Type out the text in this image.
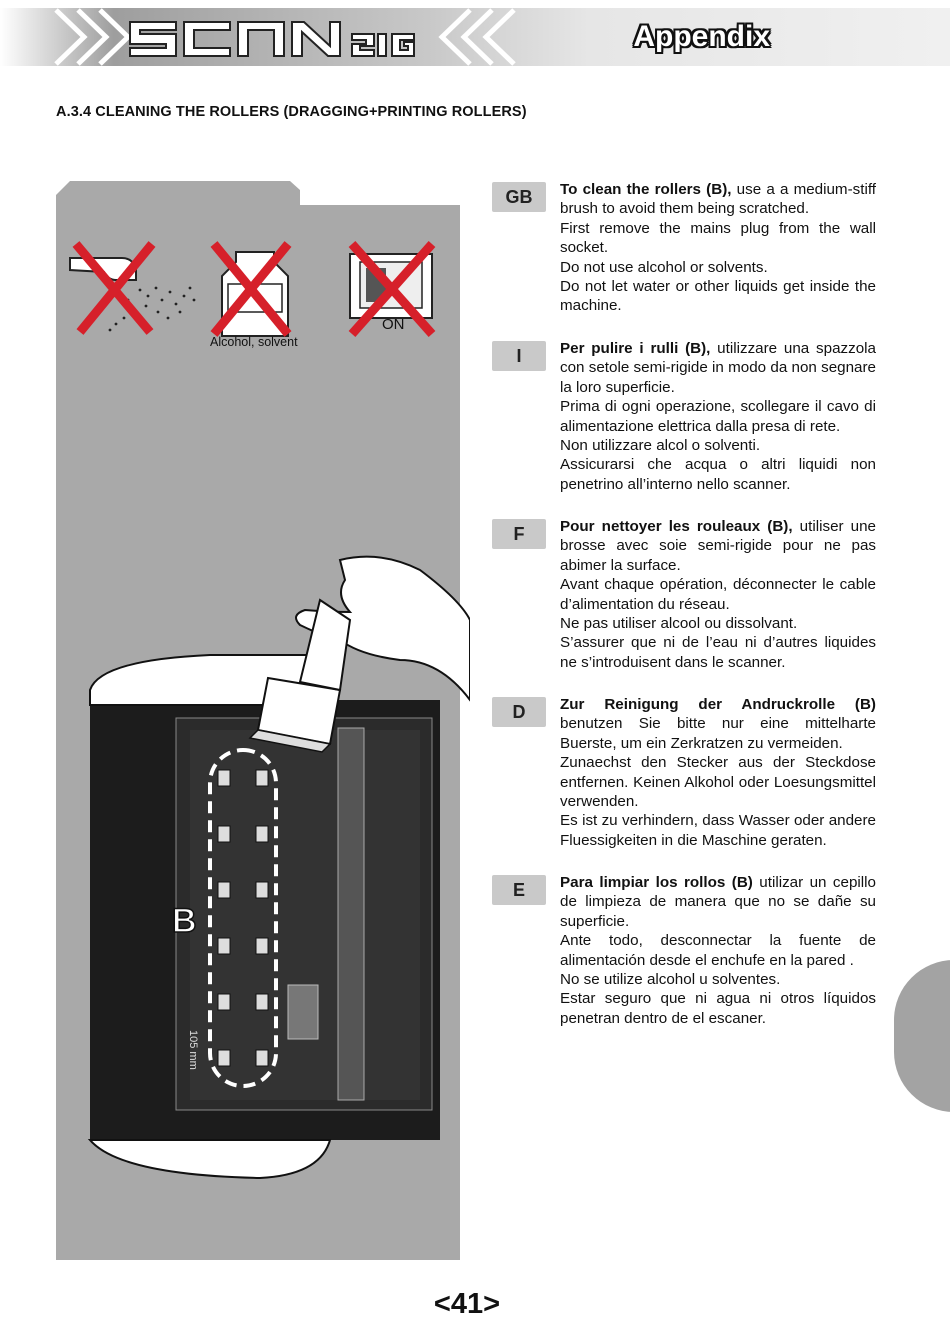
Appendix
A.3.4 CLEANING THE ROLLERS (DRAGGING+PRINTING ROLLERS)
B
105 mm
Alcohol, solvent
ON
GB	To clean the rollers (B), use a a medium-stiff brush to avoid them being scratched.

First remove the mains plug from the wall socket.

Do not use alcohol or solvents.

Do not let water or other liquids get inside the machine.

I	Per pulire i rulli (B), utilizzare una spazzola con setole semi-rigide in modo da non segnare la loro superficie.

Prima di ogni operazione, scollegare il cavo di alimentazione elettrica dalla presa di rete.

Non utilizzare alcol o solventi.

Assicurarsi che acqua o altri liquidi non penetrino all’interno nello scanner.

F	Pour nettoyer les rouleaux (B), utiliser une brosse avec soie semi-rigide pour ne pas abimer la surface.

Avant chaque opération, déconnecter le cable d’alimentation du réseau.

Ne pas utiliser alcool ou dissolvant.

S’assurer que ni de l’eau ni d’autres liquides ne s’introduisent dans le scanner.

D	Zur Reinigung der Andruckrolle (B) benutzen Sie bitte nur eine mittelharte Buerste, um ein Zerkratzen zu vermeiden.

Zunaechst den Stecker aus der Steckdose entfernen. Keinen Alkohol oder Loesungsmittel verwenden.

Es ist zu verhindern, dass Wasser oder andere Fluessigkeiten in die Maschine geraten.

E	Para limpiar los rollos (B) utilizar un cepillo de limpieza de manera que no se dañe su superficie.

Ante todo, desconnectar la fuente de alimentación desde el enchufe en la pared .

No se utilize alcohol u solventes.

Estar seguro que ni agua ni otros líquidos penetran dentro de el escaner.

<41>
